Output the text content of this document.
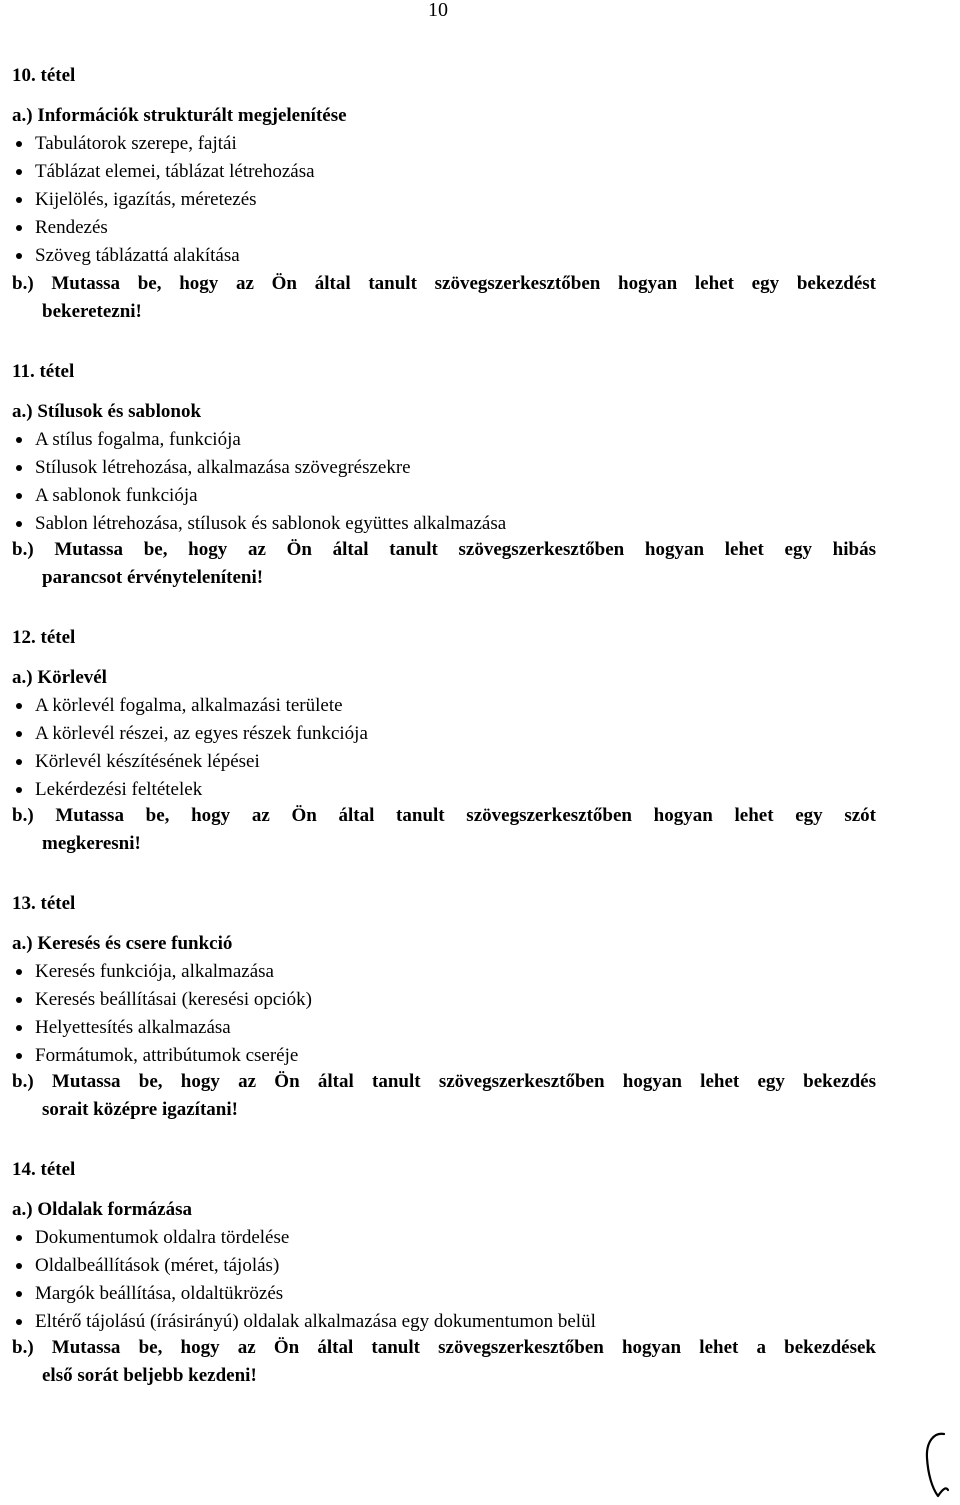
10
10. tétel
a.) Információk strukturált megjelenítése
Tabulátorok szerepe, fajtái
Táblázat elemei, táblázat létrehozása
Kijelölés, igazítás, méretezés
Rendezés
Szöveg táblázattá alakítása
b.) Mutassa be, hogy az Ön által tanult szövegszerkesztőben hogyan lehet egy bekezdést
bekeretezni!
11. tétel
a.) Stílusok és sablonok
A stílus fogalma, funkciója
Stílusok létrehozása, alkalmazása szövegrészekre
A sablonok funkciója
Sablon létrehozása, stílusok és sablonok együttes alkalmazása
b.) Mutassa be, hogy az Ön által tanult szövegszerkesztőben hogyan lehet egy hibás
parancsot érvényteleníteni!
12. tétel
a.) Körlevél
A körlevél fogalma, alkalmazási területe
A körlevél részei, az egyes részek funkciója
Körlevél készítésének lépései
Lekérdezési feltételek
b.) Mutassa be, hogy az Ön által tanult szövegszerkesztőben hogyan lehet egy szót
megkeresni!
13. tétel
a.) Keresés és csere funkció
Keresés funkciója, alkalmazása
Keresés beállításai (keresési opciók)
Helyettesítés alkalmazása
Formátumok, attribútumok cseréje
b.) Mutassa be, hogy az Ön által tanult szövegszerkesztőben hogyan lehet egy bekezdés
sorait középre igazítani!
14. tétel
a.) Oldalak formázása
Dokumentumok oldalra tördelése
Oldalbeállítások (méret, tájolás)
Margók beállítása, oldaltükrözés
Eltérő tájolású (írásirányú) oldalak alkalmazása egy dokumentumon belül
b.) Mutassa be, hogy az Ön által tanult szövegszerkesztőben hogyan lehet a bekezdések
első sorát beljebb kezdeni!
